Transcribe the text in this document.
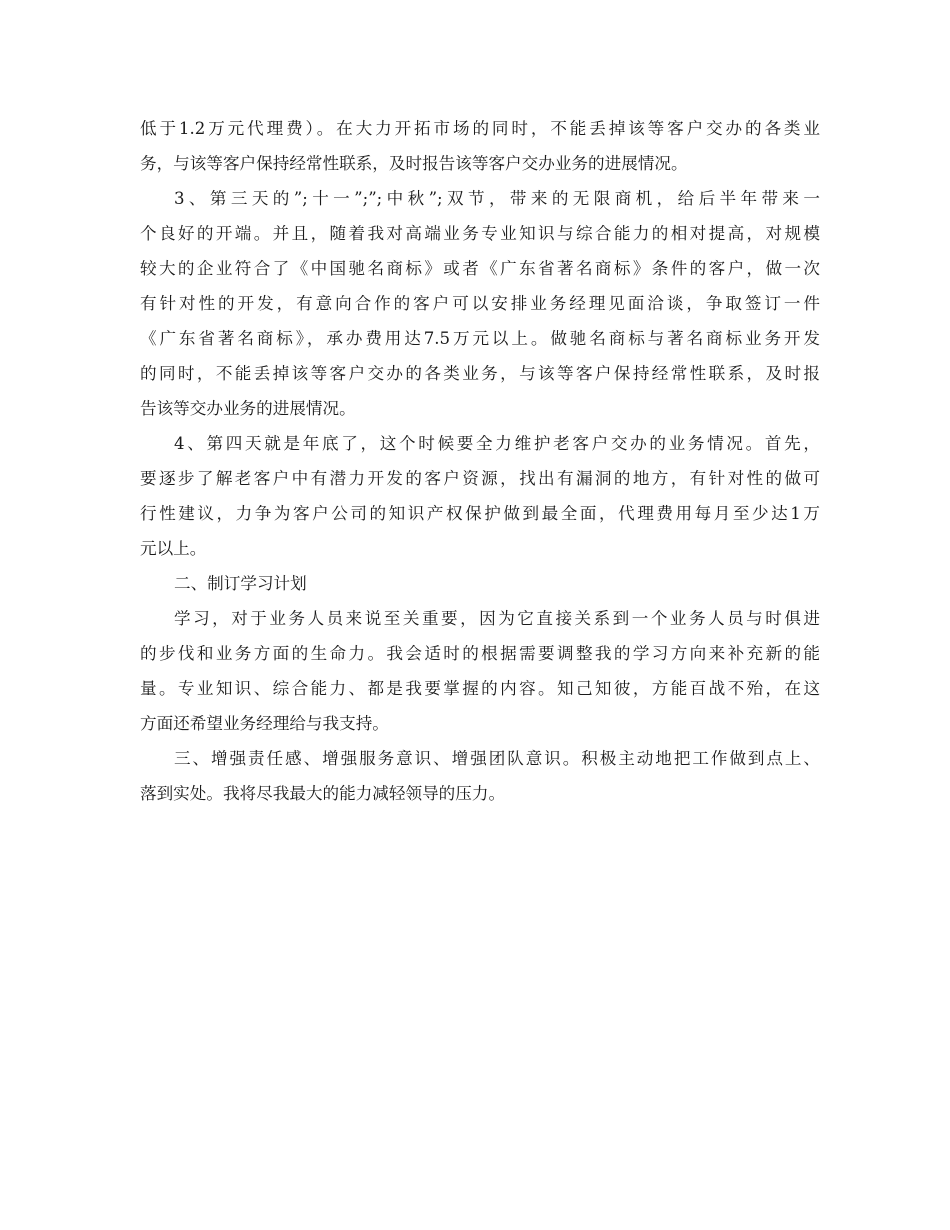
低于1.2万元代理费）。在大力开拓市场的同时，不能丢掉该等客户交办的各类业
务，与该等客户保持经常性联系，及时报告该等客户交办业务的进展情况。
3、第三天的”;十一”;”;中秋”;双节，带来的无限商机，给后半年带来一
个良好的开端。并且，随着我对高端业务专业知识与综合能力的相对提高，对规模
较大的企业符合了《中国驰名商标》或者《广东省著名商标》条件的客户，做一次
有针对性的开发，有意向合作的客户可以安排业务经理见面洽谈，争取签订一件
《广东省著名商标》，承办费用达7.5万元以上。做驰名商标与著名商标业务开发
的同时，不能丢掉该等客户交办的各类业务，与该等客户保持经常性联系，及时报
告该等交办业务的进展情况。
4、第四天就是年底了，这个时候要全力维护老客户交办的业务情况。首先，
要逐步了解老客户中有潜力开发的客户资源，找出有漏洞的地方，有针对性的做可
行性建议，力争为客户公司的知识产权保护做到最全面，代理费用每月至少达1万
元以上。
二、制订学习计划
学习，对于业务人员来说至关重要，因为它直接关系到一个业务人员与时俱进
的步伐和业务方面的生命力。我会适时的根据需要调整我的学习方向来补充新的能
量。专业知识、综合能力、都是我要掌握的内容。知己知彼，方能百战不殆，在这
方面还希望业务经理给与我支持。
三、增强责任感、增强服务意识、增强团队意识。积极主动地把工作做到点上、
落到实处。我将尽我最大的能力减轻领导的压力。
